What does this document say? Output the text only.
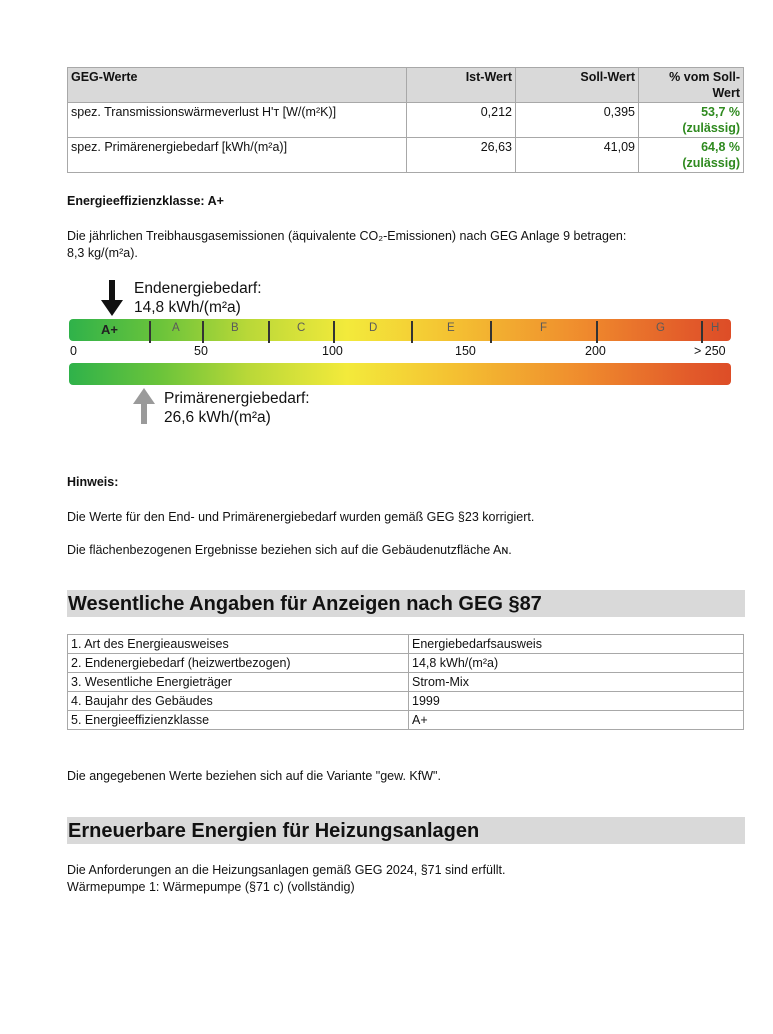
GEG-Werte	Ist-Wert	Soll-Wert	% vom Soll-Wert
spez. Transmissionswärmeverlust H'ᴛ [W/(m²K)]	0,212	0,395	53,7 %
(zulässig)
spez. Primärenergiebedarf [kWh/(m²a)]	26,63	41,09	64,8 %
(zulässig)
Energieeffizienzklasse: A+
Die jährlichen Treibhausgasemissionen (äquivalente CO₂-Emissionen) nach GEG Anlage 9 betragen:
8,3 kg/(m²a).
Endenergiebedarf:
14,8 kWh/(m²a)
A+	A	B	C	D	E	F	G	H
0	50	100	150	200	> 250
Primärenergiebedarf:
26,6 kWh/(m²a)
Hinweis:
Die Werte für den End- und Primärenergiebedarf wurden gemäß GEG §23 korrigiert.
Die flächenbezogenen Ergebnisse beziehen sich auf die Gebäudenutzfläche Aɴ.
Wesentliche Angaben für Anzeigen nach GEG §87
1. Art des Energieausweises	Energiebedarfsausweis
2. Endenergiebedarf (heizwertbezogen)	14,8 kWh/(m²a)
3. Wesentliche Energieträger	Strom-Mix
4. Baujahr des Gebäudes	1999
5. Energieeffizienzklasse	A+
Die angegebenen Werte beziehen sich auf die Variante "gew. KfW".
Erneuerbare Energien für Heizungsanlagen
Die Anforderungen an die Heizungsanlagen gemäß GEG 2024, §71 sind erfüllt.
Wärmepumpe 1: Wärmepumpe (§71 c) (vollständig)
